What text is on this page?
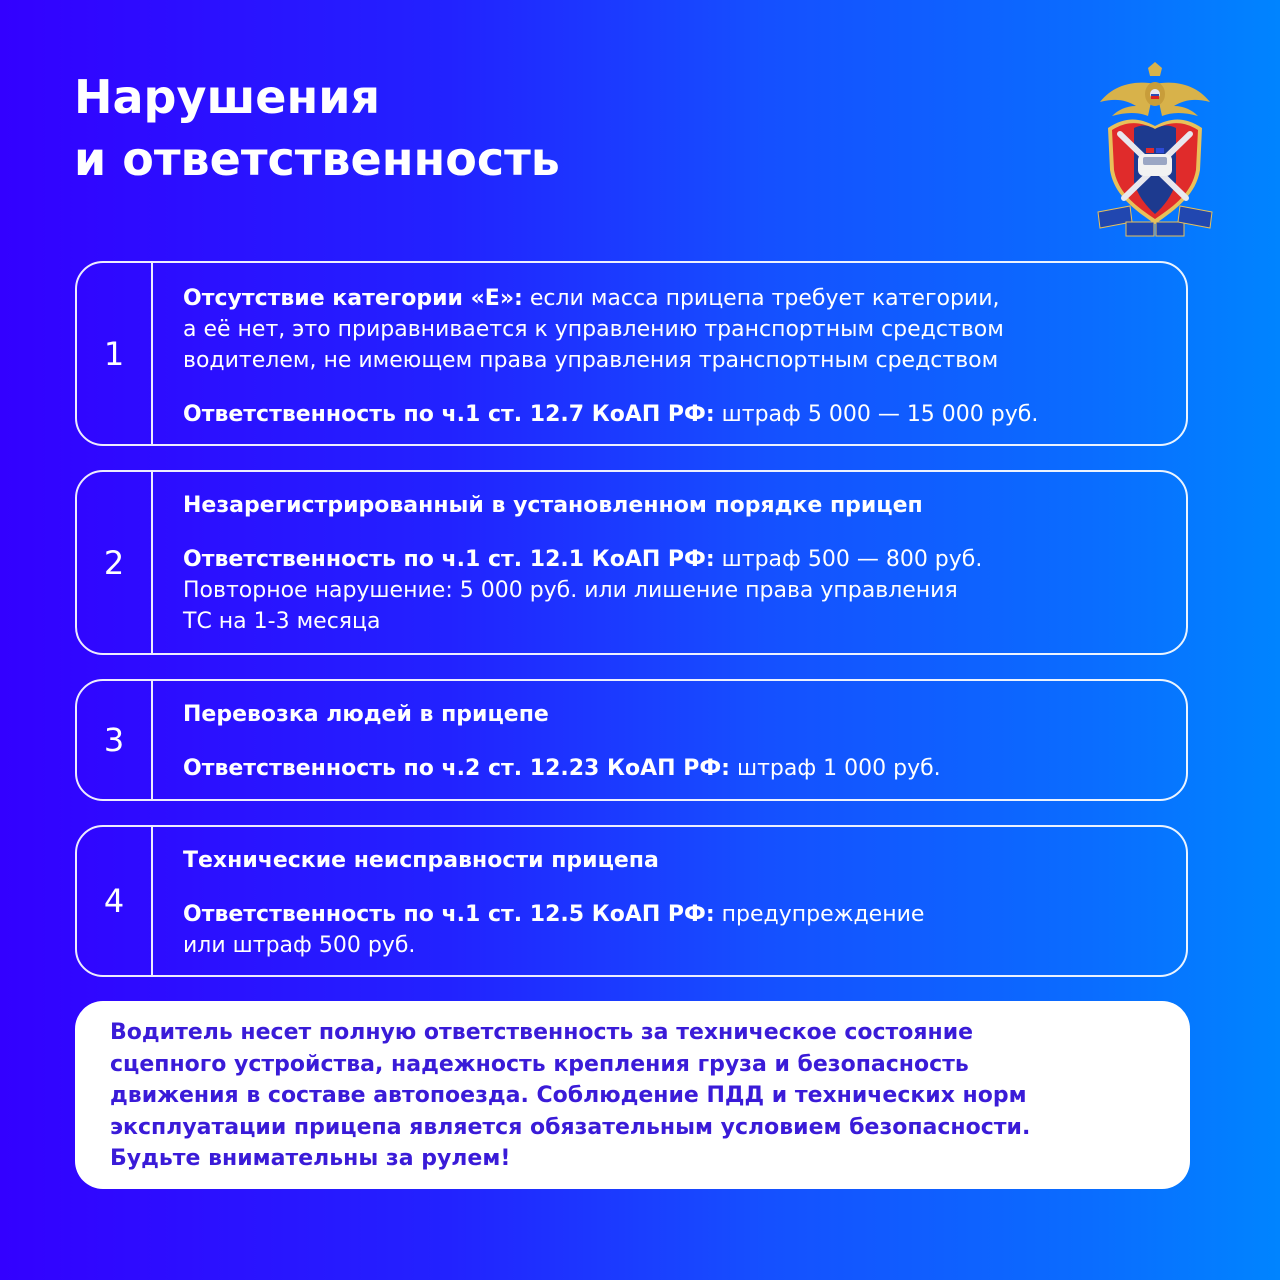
Нарушения
и ответственность
1

Отсутствие категории «Е»: если масса прицепа требует категории,

а её нет, это приравнивается к управлению транспортным средством

водителем, не имеющем права управления транспортным средством

Ответственность по ч.1 ст. 12.7 КоАП РФ: штраф 5 000 — 15 000 руб.

2

Незарегистрированный в установленном порядке прицеп

Ответственность по ч.1 ст. 12.1 КоАП РФ: штраф 500 — 800 руб.

Повторное нарушение: 5 000 руб. или лишение права управления

ТС на 1-3 месяца

3

Перевозка людей в прицепе

Ответственность по ч.2 ст. 12.23 КоАП РФ: штраф 1 000 руб.

4

Технические неисправности прицепа

Ответственность по ч.1 ст. 12.5 КоАП РФ: предупреждение

или штраф 500 руб.

Водитель несет полную ответственность за техническое состояние

сцепного устройства, надежность крепления груза и безопасность

движения в составе автопоезда. Соблюдение ПДД и технических норм

эксплуатации прицепа является обязательным условием безопасности.

Будьте внимательны за рулем!
